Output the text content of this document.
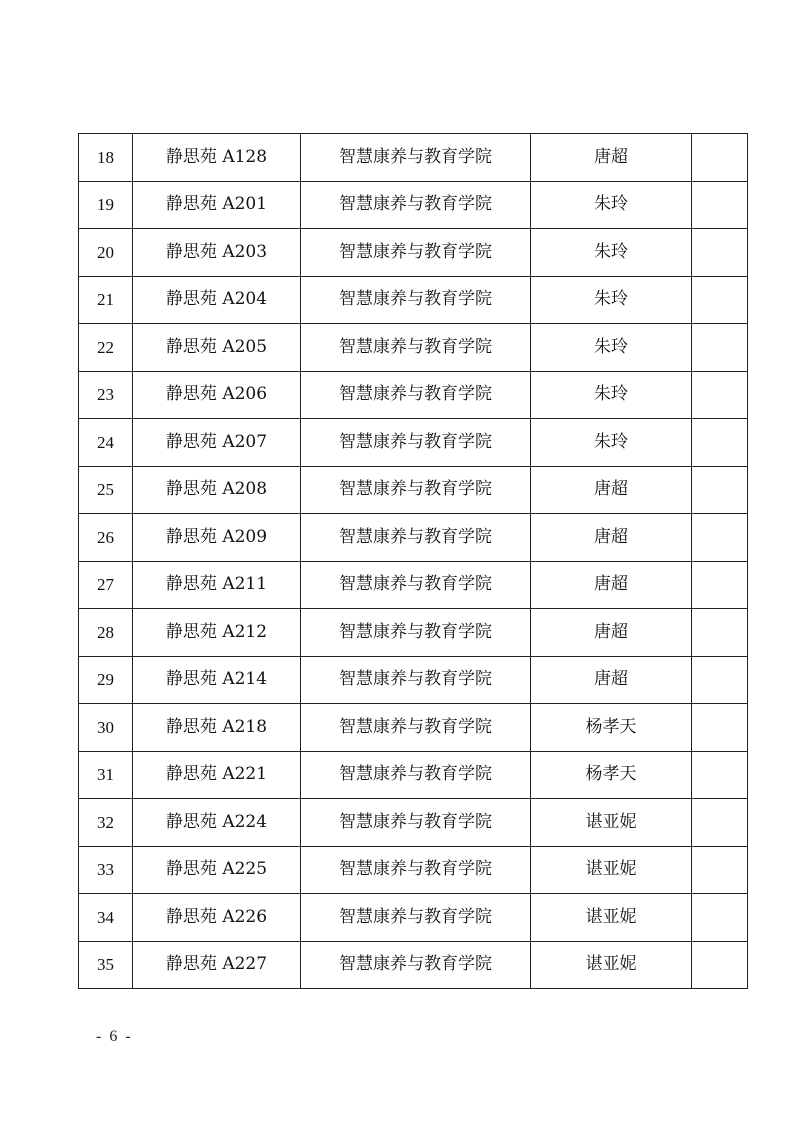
18	静思苑 A128	智慧康养与教育学院	唐超	
19	静思苑 A201	智慧康养与教育学院	朱玲	
20	静思苑 A203	智慧康养与教育学院	朱玲	
21	静思苑 A204	智慧康养与教育学院	朱玲	
22	静思苑 A205	智慧康养与教育学院	朱玲	
23	静思苑 A206	智慧康养与教育学院	朱玲	
24	静思苑 A207	智慧康养与教育学院	朱玲	
25	静思苑 A208	智慧康养与教育学院	唐超	
26	静思苑 A209	智慧康养与教育学院	唐超	
27	静思苑 A211	智慧康养与教育学院	唐超	
28	静思苑 A212	智慧康养与教育学院	唐超	
29	静思苑 A214	智慧康养与教育学院	唐超	
30	静思苑 A218	智慧康养与教育学院	杨孝天	
31	静思苑 A221	智慧康养与教育学院	杨孝天	
32	静思苑 A224	智慧康养与教育学院	谌亚妮	
33	静思苑 A225	智慧康养与教育学院	谌亚妮	
34	静思苑 A226	智慧康养与教育学院	谌亚妮	
35	静思苑 A227	智慧康养与教育学院	谌亚妮	
- 6 -
